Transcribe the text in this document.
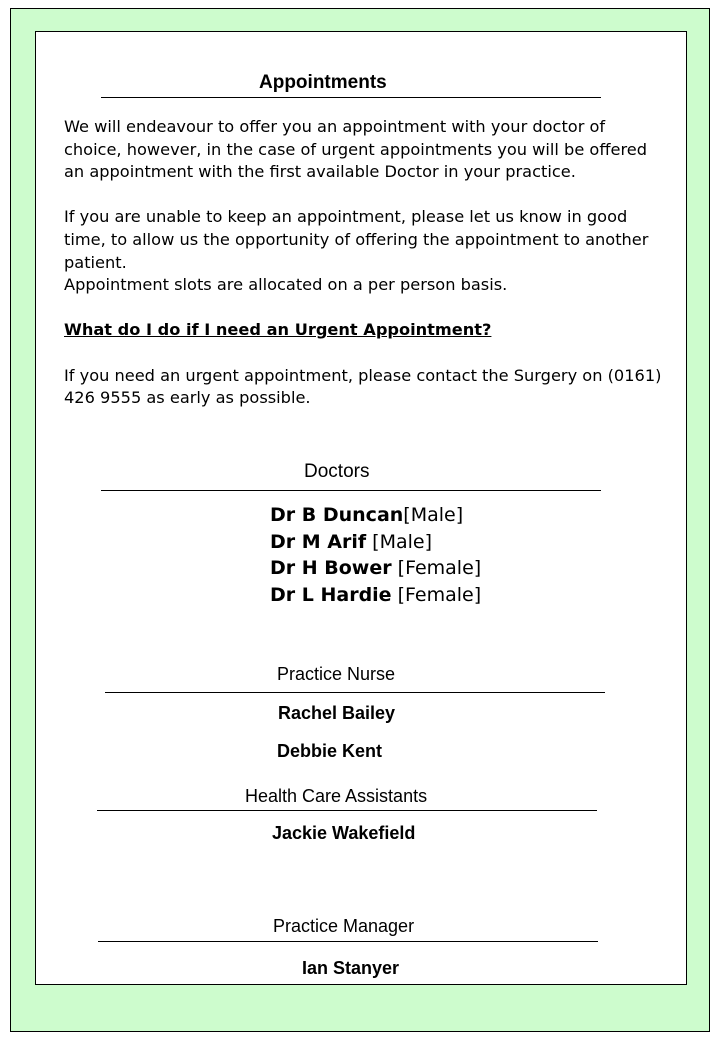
Appointments

We will endeavour to offer you an appointment with your doctor of choice, however, in the case of urgent appointments you will be offered an appointment with the first available Doctor in your practice.

If you are unable to keep an appointment, please let us know in good time, to allow us the opportunity of offering the appointment to another patient.

Appointment slots are allocated on a per person basis.

What do I do if I need an Urgent Appointment?

If you need an urgent appointment, please contact the Surgery on (0161) 426 9555 as early as possible.

Doctors
Dr B Duncan[Male]
Dr M Arif [Male]
Dr H Bower [Female]
Dr L Hardie [Female]
Practice Nurse
Rachel Bailey
Debbie Kent
Health Care Assistants
Jackie Wakefield
Practice Manager
Ian Stanyer
